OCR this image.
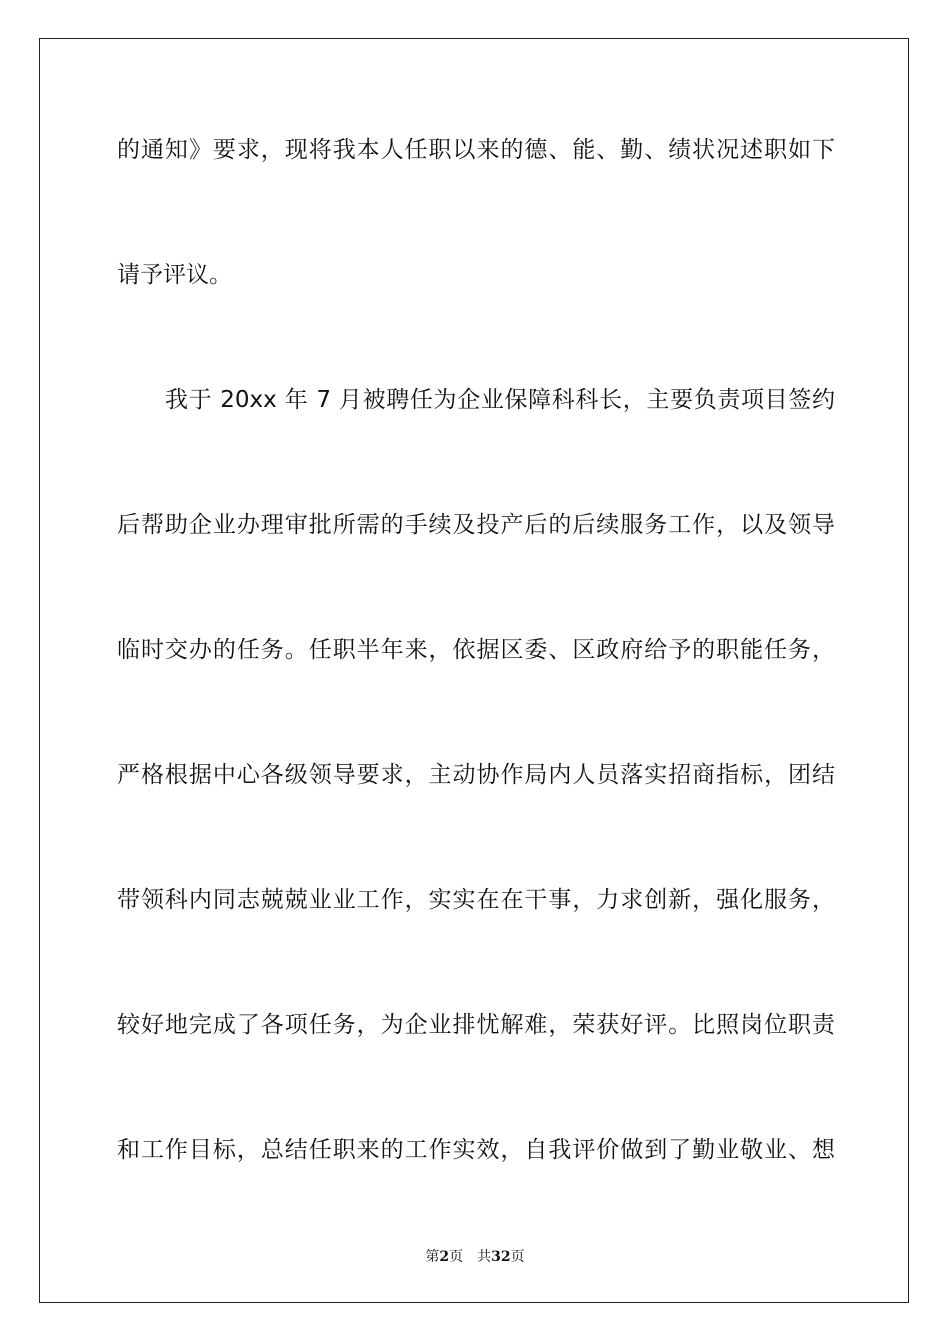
的通知》要求，现将我本人任职以来的德、能、勤、绩状况述职如下
请予评议。
我于 20xx 年 7 月被聘任为企业保障科科长，主要负责项目签约
后帮助企业办理审批所需的手续及投产后的后续服务工作，以及领导
临时交办的任务。任职半年来，依据区委、区政府给予的职能任务，
严格根据中心各级领导要求，主动协作局内人员落实招商指标，团结
带领科内同志兢兢业业工作，实实在在干事，力求创新，强化服务，
较好地完成了各项任务，为企业排忧解难，荣获好评。比照岗位职责
和工作目标，总结任职来的工作实效，自我评价做到了勤业敬业、想
第2页 共32页
